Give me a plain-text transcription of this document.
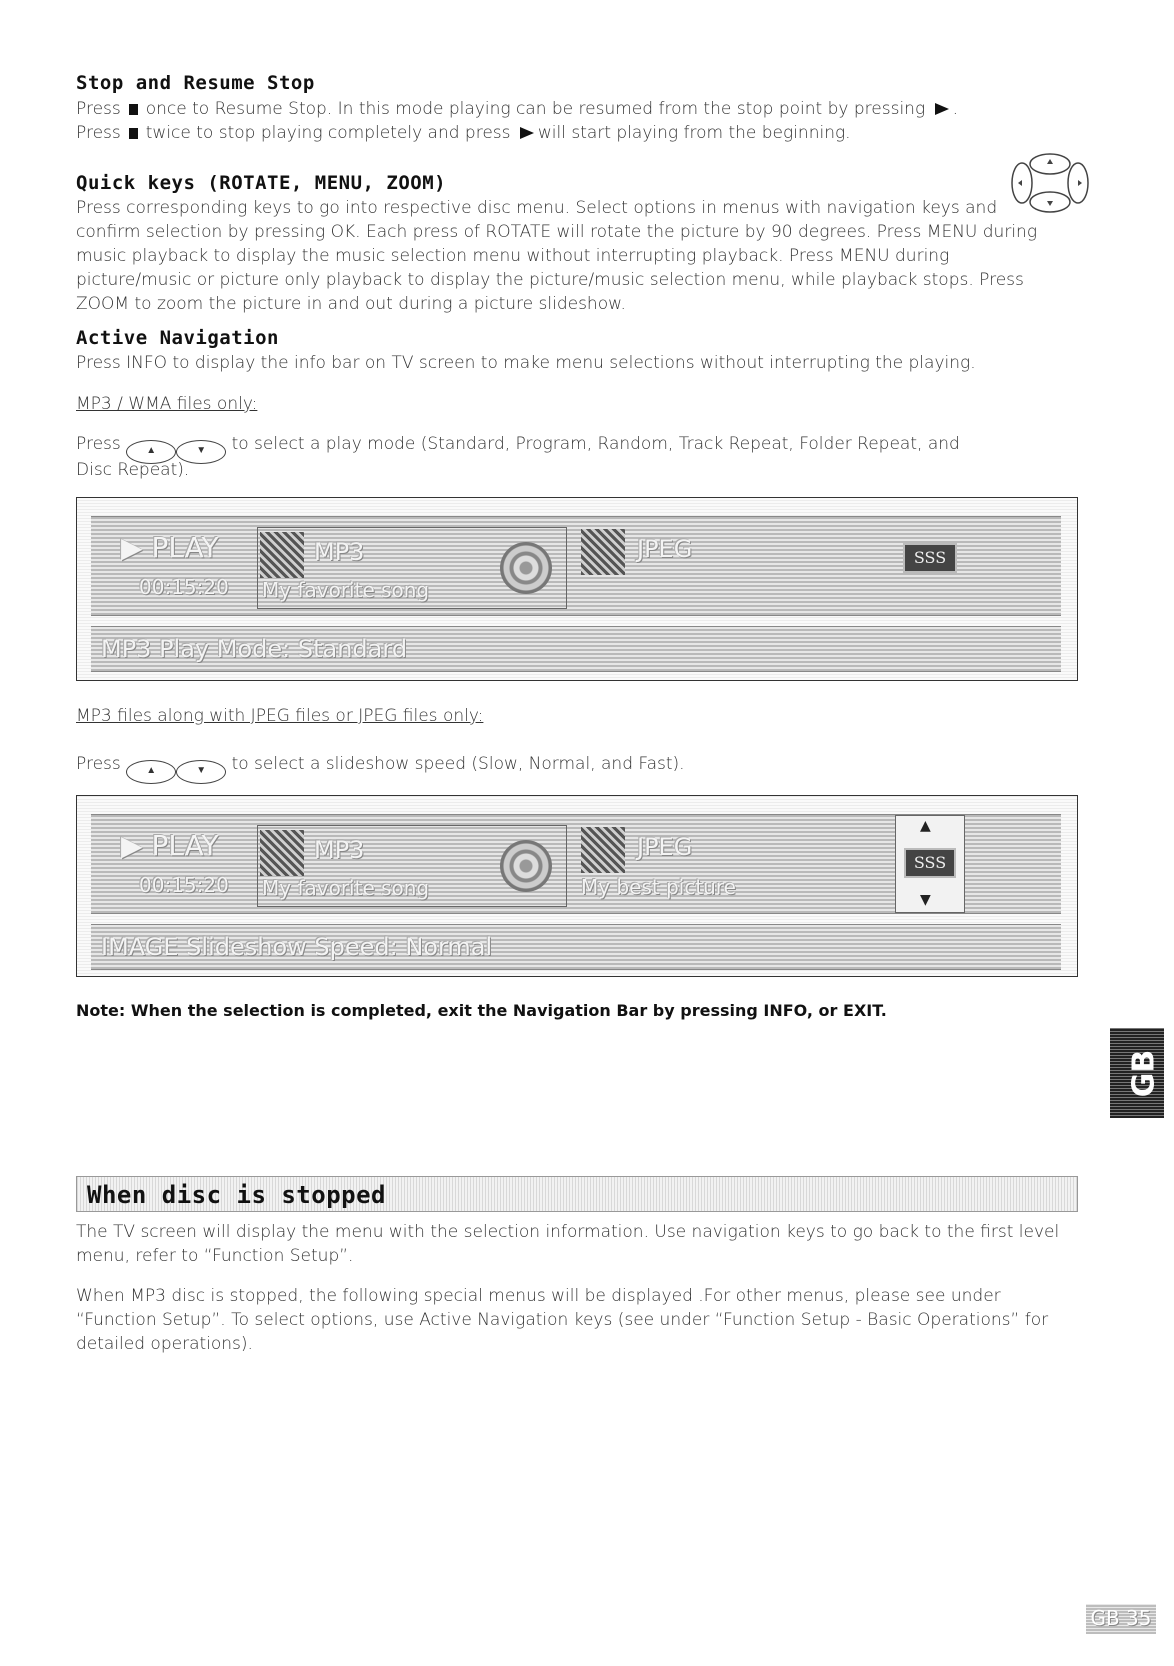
Stop and Resume Stop
Press once to Resume Stop. In this mode playing can be resumed from the stop point by pressing .
Press twice to stop playing completely and press will start playing from the beginning.
Quick keys (ROTATE, MENU, ZOOM)
Press corresponding keys to go into respective disc menu. Select options in menus with navigation keys and confirm selection by pressing OK. Each press of ROTATE will rotate the picture by 90 degrees. Press MENU during music playback to display the music selection menu without interrupting playback. Press MENU during picture/music or picture only playback to display the picture/music selection menu, while playback stops. Press ZOOM to zoom the picture in and out during a picture slideshow.
Active Navigation
Press INFO to display the info bar on TV screen to make menu selections without interrupting the playing.
MP3 / WMA files only:
Press	▲	▼ to select a play mode (Standard, Program, Random, Track Repeat, Folder Repeat, and
Disc Repeat).
▶ PLAY
00:15:20
MP3
My favorite song
JPEG	SSS
MP3 Play Mode: Standard
MP3 files along with JPEG files or JPEG files only:
Press	▲	▼ to select a slideshow speed (Slow, Normal, and Fast).
▶ PLAY
00:15:20
MP3
My favorite song
JPEG
My best picture
▲
SSS
▼
IMAGE Slideshow Speed: Normal
Note: When the selection is completed, exit the Navigation Bar by pressing INFO, or EXIT.
GB
When disc is stopped
The TV screen will display the menu with the selection information. Use navigation keys to go back to the first level menu, refer to “Function Setup”.
When MP3 disc is stopped, the following special menus will be displayed .For other menus, please see under “Function Setup”. To select options, use Active Navigation keys (see under “Function Setup - Basic Operations” for detailed operations).
GB 35
